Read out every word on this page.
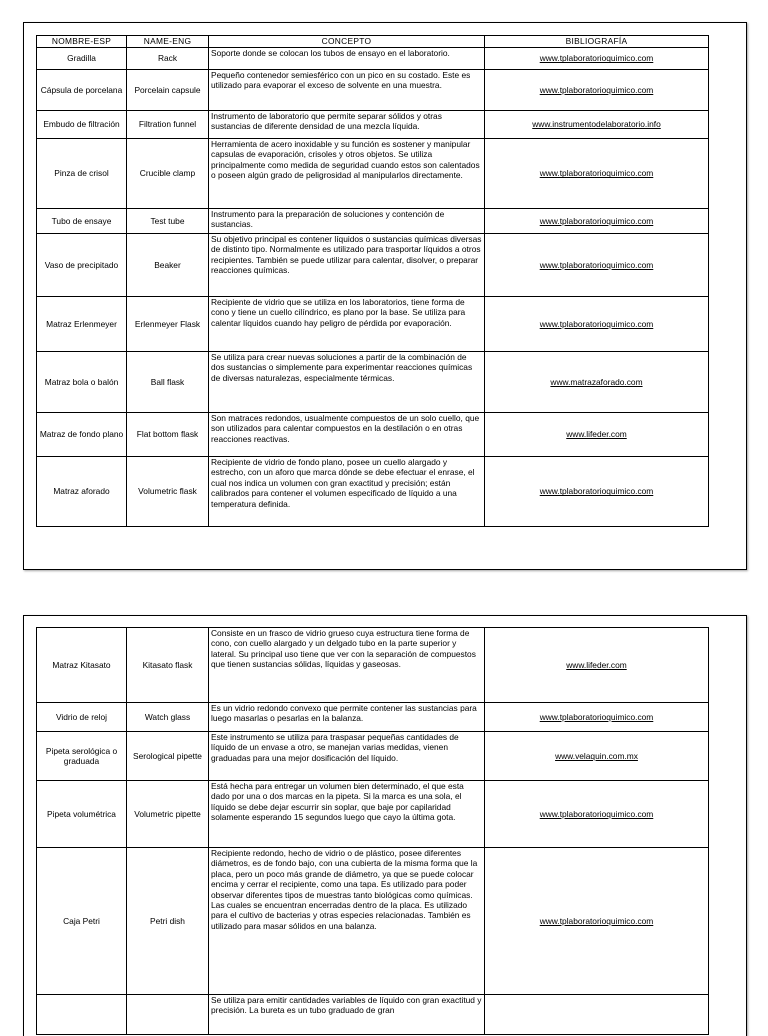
NOMBRE-ESP	NAME-ENG	CONCEPTO	BIBLIOGRAFÍA
Gradilla	Rack	Soporte donde se colocan los tubos de ensayo en el laboratorio.	www.tplaboratorioquimico.com
Cápsula de porcelana	Porcelain capsule	Pequeño contenedor semiesférico con un pico en su costado. Este es utilizado para evaporar el exceso de solvente en una muestra.	www.tplaboratorioquimico.com
Embudo de filtración	Filtration funnel	Instrumento de laboratorio que permite separar sólidos y otras sustancias de diferente densidad de una mezcla líquida.	www.instrumentodelaboratorio.info
Pinza de crisol	Crucible clamp	Herramienta de acero inoxidable y su función es sostener y manipular capsulas de evaporación, crisoles y otros objetos. Se utiliza principalmente como medida de seguridad cuando estos son calentados o poseen algún grado de peligrosidad al manipularlos directamente.	www.tplaboratorioquimico.com
Tubo de ensaye	Test tube	Instrumento para la preparación de soluciones y contención de sustancias.	www.tplaboratorioquimico.com
Vaso de precipitado	Beaker	Su objetivo principal es contener líquidos o sustancias químicas diversas de distinto tipo. Normalmente es utilizado para trasportar líquidos a otros recipientes. También se puede utilizar para calentar, disolver, o preparar reacciones químicas.	www.tplaboratorioquimico.com
Matraz Erlenmeyer	Erlenmeyer Flask	Recipiente de vidrio que se utiliza en los laboratorios, tiene forma de cono y tiene un cuello cilíndrico, es plano por la base. Se utiliza para calentar líquidos cuando hay peligro de pérdida por evaporación.	www.tplaboratorioquimico.com
Matraz bola o balón	Ball flask	Se utiliza para crear nuevas soluciones a partir de la combinación de dos sustancias o simplemente para experimentar reacciones químicas de diversas naturalezas, especialmente térmicas.	www.matrazaforado.com
Matraz de fondo plano	Flat bottom flask	Son matraces redondos, usualmente compuestos de un solo cuello, que son utilizados para calentar compuestos en la destilación o en otras reacciones reactivas.	www.lifeder.com
Matraz aforado	Volumetric flask	Recipiente de vidrio de fondo plano, posee un cuello alargado y estrecho, con un aforo que marca dónde se debe efectuar el enrase, el cual nos indica un volumen con gran exactitud y precisión; están calibrados para contener el volumen especificado de líquido a una temperatura definida.	www.tplaboratorioquimico.com
Matraz Kitasato	Kitasato flask	Consiste en un frasco de vidrio grueso cuya estructura tiene forma de cono, con cuello alargado y un delgado tubo en la parte superior y lateral. Su principal uso tiene que ver con la separación de compuestos que tienen sustancias sólidas, líquidas y gaseosas.	www.lifeder.com
Vidrio de reloj	Watch glass	Es un vidrio redondo convexo que permite contener las sustancias para luego masarlas o pesarlas en la balanza.	www.tplaboratorioquimico.com
Pipeta serológica o graduada	Serological pipette	Este instrumento se utiliza para traspasar pequeñas cantidades de líquido de un envase a otro, se manejan varias medidas, vienen graduadas para una mejor dosificación del líquido.	www.velaquin.com.mx
Pipeta volumétrica	Volumetric pipette	Está hecha para entregar un volumen bien determinado, el que esta dado por una o dos marcas en la pipeta. Si la marca es una sola, el líquido se debe dejar escurrir sin soplar, que baje por capilaridad solamente esperando 15 segundos luego que cayo la última gota.	www.tplaboratorioquimico.com
Caja Petri	Petri dish	Recipiente redondo, hecho de vidrio o de plástico, posee diferentes diámetros, es de fondo bajo, con una cubierta de la misma forma que la placa, pero un poco más grande de diámetro, ya que se puede colocar encima y cerrar el recipiente, como una tapa. Es utilizado para poder observar diferentes tipos de muestras tanto biológicas como químicas. Las cuales se encuentran encerradas dentro de la placa. Es utilizado para el cultivo de bacterias y otras especies relacionadas. También es utilizado para masar sólidos en una balanza.	www.tplaboratorioquimico.com
		Se utiliza para emitir cantidades variables de líquido con gran exactitud y precisión. La bureta es un tubo graduado de gran	
